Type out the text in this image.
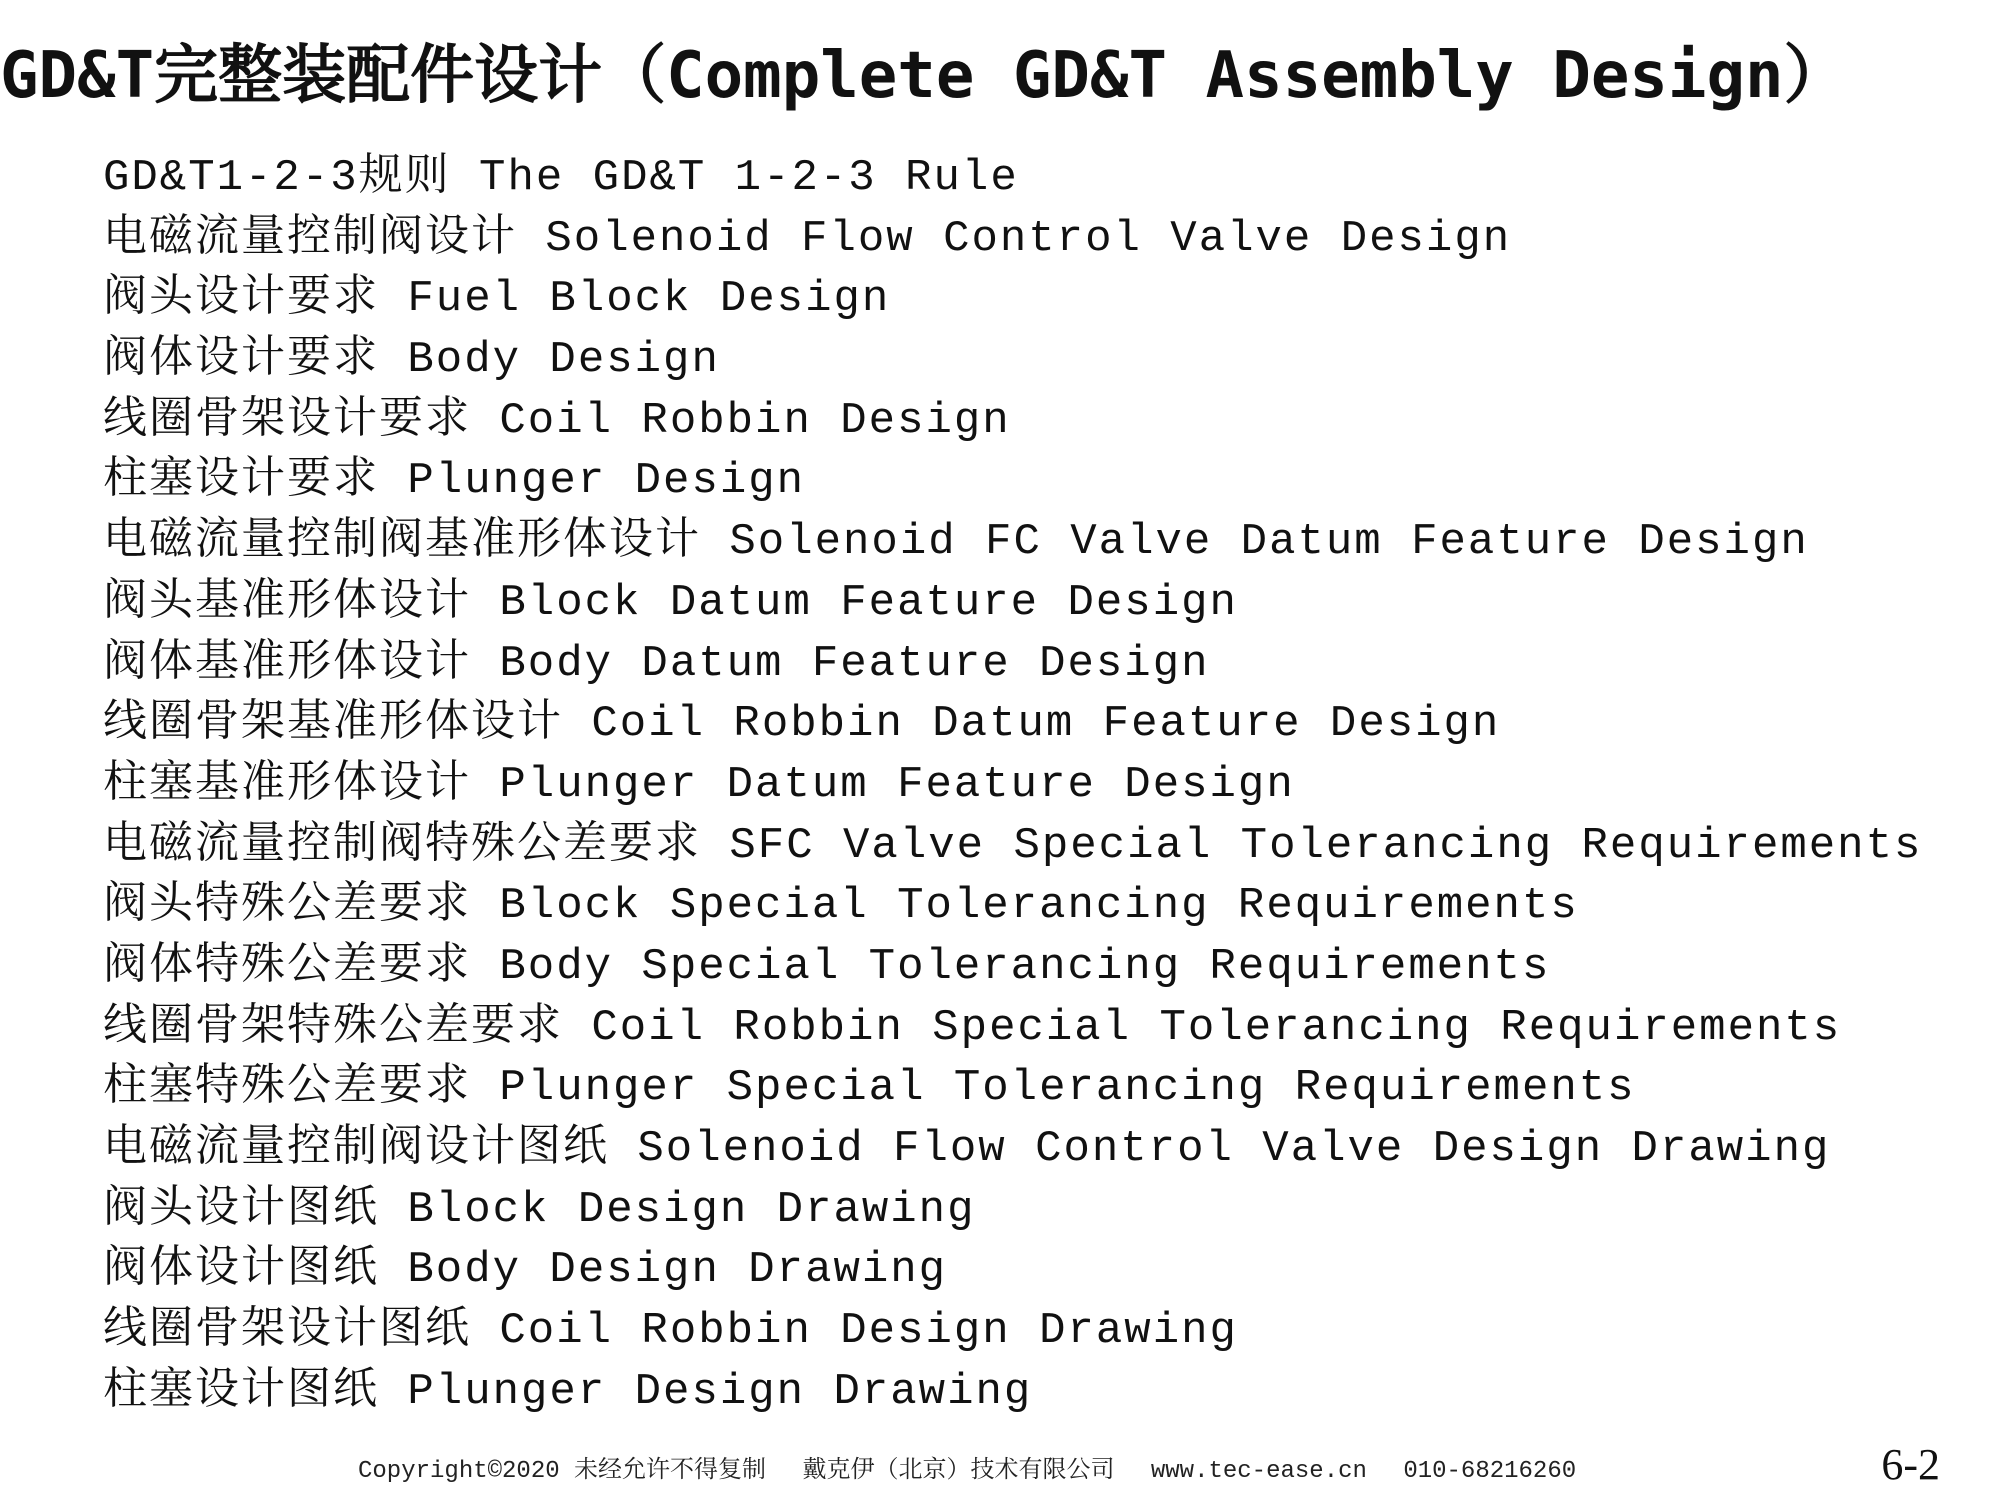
GD&T完整装配件设计（Complete GD&T Assembly Design）
GD&T1-2-3规则 The GD&T 1-2-3 Rule
电磁流量控制阀设计 Solenoid Flow Control Valve Design
阀头设计要求 Fuel Block Design
阀体设计要求 Body Design
线圈骨架设计要求 Coil Robbin Design
柱塞设计要求 Plunger Design
电磁流量控制阀基准形体设计 Solenoid FC Valve Datum Feature Design
阀头基准形体设计 Block Datum Feature Design
阀体基准形体设计 Body Datum Feature Design
线圈骨架基准形体设计 Coil Robbin Datum Feature Design
柱塞基准形体设计 Plunger Datum Feature Design
电磁流量控制阀特殊公差要求 SFC Valve Special Tolerancing Requirements
阀头特殊公差要求 Block Special Tolerancing Requirements
阀体特殊公差要求 Body Special Tolerancing Requirements
线圈骨架特殊公差要求 Coil Robbin Special Tolerancing Requirements
柱塞特殊公差要求 Plunger Special Tolerancing Requirements
电磁流量控制阀设计图纸 Solenoid Flow Control Valve Design Drawing
阀头设计图纸 Block Design Drawing
阀体设计图纸 Body Design Drawing
线圈骨架设计图纸 Coil Robbin Design Drawing
柱塞设计图纸 Plunger Design Drawing
Copyright©2020 未经允许不得复制 戴克伊（北京）技术有限公司 www.tec-ease.cn 010-68216260	6-2
